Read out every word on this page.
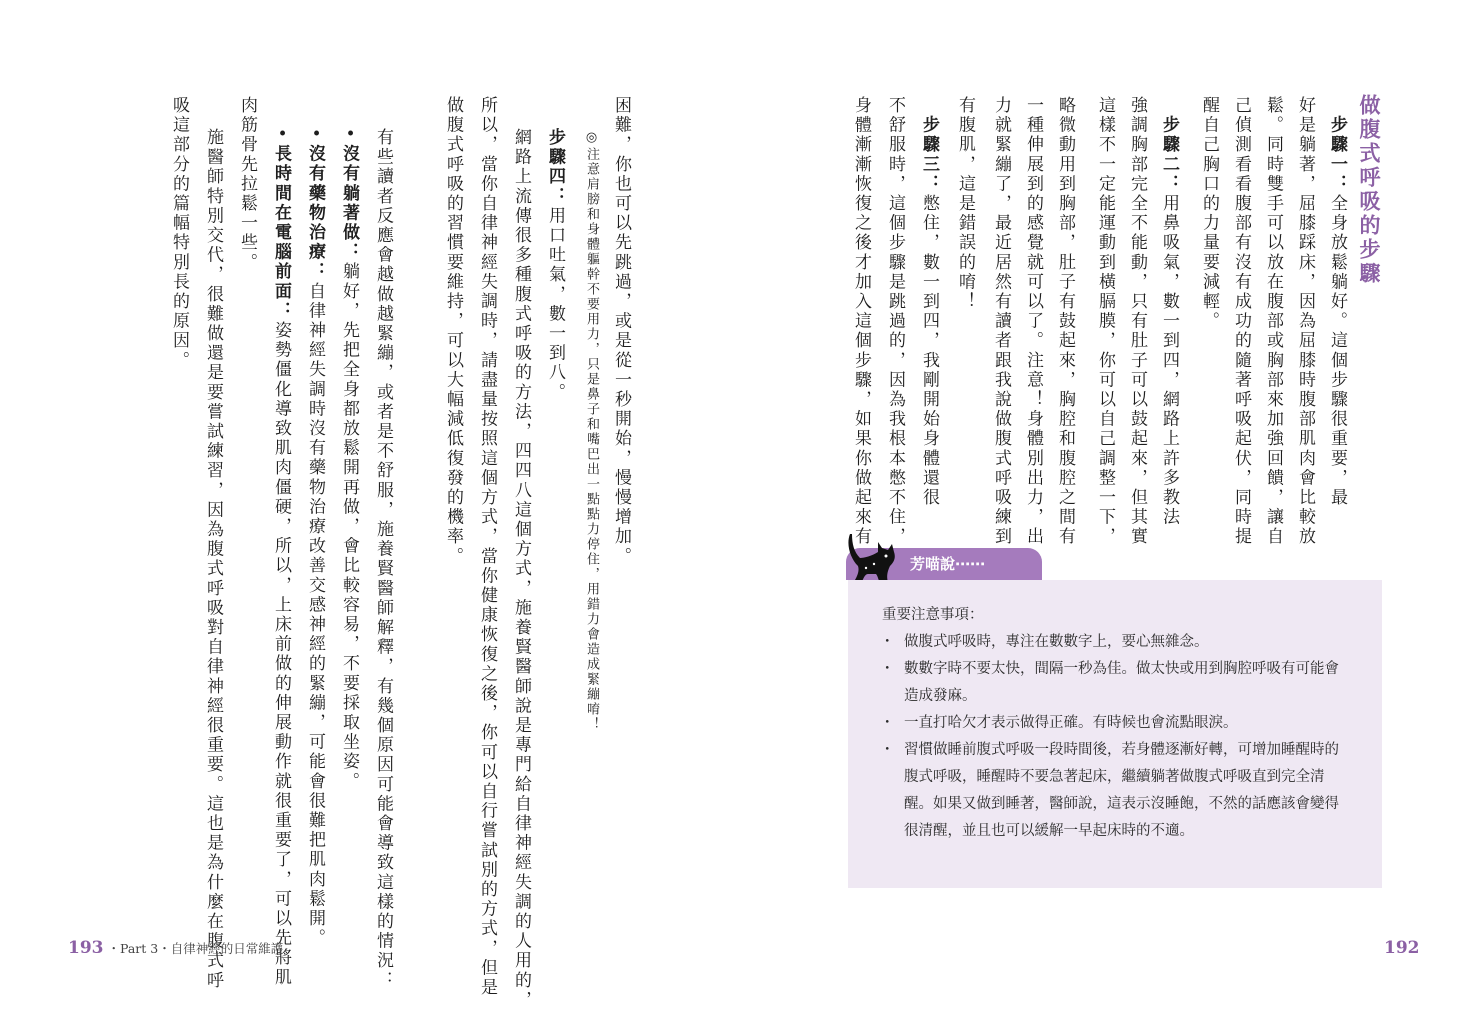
做腹式呼吸的步驟
　步驟一：全身放鬆躺好。這個步驟很重要，最
好是躺著，屈膝踩床，因為屈膝時腹部肌肉會比較放
鬆。同時雙手可以放在腹部或胸部來加強回饋，讓自
己偵測看看腹部有沒有成功的隨著呼吸起伏，同時提
醒自己胸口的力量要減輕。
　步驟二：用鼻吸氣，數一到四，網路上許多教法
強調胸部完全不能動，只有肚子可以鼓起來，但其實
這樣不一定能運動到橫膈膜，你可以自己調整一下，
略微動用到胸部，肚子有鼓起來，胸腔和腹腔之間有
一種伸展到的感覺就可以了。注意！身體別出力，出
力就緊繃了，最近居然有讀者跟我說做腹式呼吸練到
有腹肌，這是錯誤的唷！
　步驟三：憋住，數一到四，我剛開始身體還很
不舒服時，這個步驟是跳過的，因為我根本憋不住，
身體漸漸恢復之後才加入這個步驟，如果你做起來有
芳喵說⋯⋯
重要注意事項：
・ 做腹式呼吸時，專注在數數字上，要心無雜念。
・ 數數字時不要太快，間隔一秒為佳。做太快或用到胸腔呼吸有可能會造成發麻。
・ 一直打哈欠才表示做得正確。有時候也會流點眼淚。
・ 習慣做睡前腹式呼吸一段時間後，若身體逐漸好轉，可增加睡醒時的腹式呼吸，睡醒時不要急著起床，繼續躺著做腹式呼吸直到完全清醒。如果又做到睡著，醫師說，這表示沒睡飽，不然的話應該會變得很清醒，並且也可以緩解一早起床時的不適。
192
困難，你也可以先跳過，或是從一秒開始，慢慢增加。
◎注意肩膀和身體軀幹不要用力，只是鼻子和嘴巴出一點點力停住，用錯力會造成緊繃唷！
步驟四：用口吐氣，數一到八。
網路上流傳很多種腹式呼吸的方法，四四八這個方式，施養賢醫師說是專門給自律神經失調的人用的，
所以，當你自律神經失調時，請盡量按照這個方式，當你健康恢復之後，你可以自行嘗試別的方式，但是
做腹式呼吸的習慣要維持，可以大幅減低復發的機率。
有些讀者反應會越做越緊繃，或者是不舒服，施養賢醫師解釋，有幾個原因可能會導致這樣的情況：
• 沒有躺著做：躺好，先把全身都放鬆開再做，會比較容易，不要採取坐姿。
• 沒有藥物治療：自律神經失調時沒有藥物治療改善交感神經的緊繃，可能會很難把肌肉鬆開。
• 長時間在電腦前面：姿勢僵化導致肌肉僵硬，所以，上床前做的伸展動作就很重要了，可以先將肌
肉筋骨先拉鬆一些。
施醫師特別交代，很難做還是要嘗試練習，因為腹式呼吸對自律神經很重要。這也是為什麼在腹式呼
吸這部分的篇幅特別長的原因。
193 ・Part 3・自律神經的日常維護
